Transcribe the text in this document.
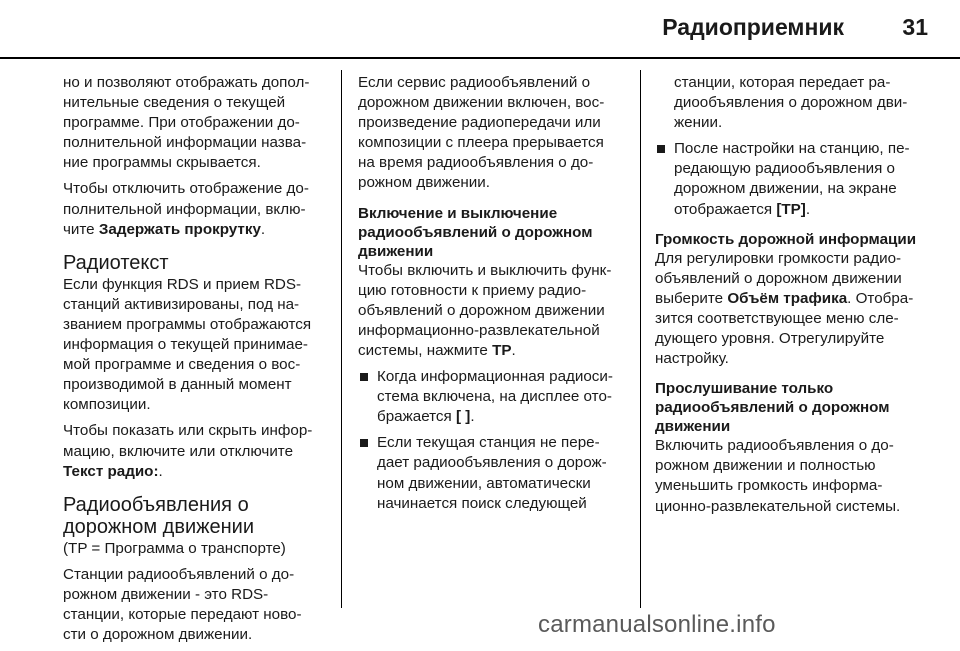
Радиоприемник	31

но и позволяют отображать допол-
нительные сведения о текущей
программе. При отображении до-
полнительной информации назва-
ние программы скрывается.

Чтобы отключить отображение до-
полнительной информации, вклю-
чите Задержать прокрутку.

Радиотекст

Если функция RDS и прием RDS-
станций активизированы, под на-
званием программы отображаются
информация о текущей принимае-
мой программе и сведения о вос-
производимой в данный момент
композиции.

Чтобы показать или скрыть инфор-
мацию, включите или отключите
Текст радио:.

Радиообъявления о
дорожном движении

(TP = Программа о транспорте)

Станции радиообъявлений о до-
рожном движении - это RDS-
станции, которые передают ново-
сти о дорожном движении.

Если сервис радиообъявлений о
дорожном движении включен, вос-
произведение радиопередачи или
композиции с плеера прерывается
на время радиообъявления о до-
рожном движении.

Включение и выключение
радиообъявлений о дорожном
движении

Чтобы включить и выключить функ-
цию готовности к приему радио-
объявлений о дорожном движении
информационно-развлекательной
системы, нажмите TP.

Когда информационная радиоси-
стема включена, на дисплее ото-
бражается [ ].
Если текущая станция не пере-
дает радиообъявления о дорож-
ном движении, автоматически
начинается поиск следующей

станции, которая передает ра-
диообъявления о дорожном дви-
жении.

После настройки на станцию, пе-
редающую радиообъявления о
дорожном движении, на экране
отображается [TP].
Громкость дорожной информации

Для регулировки громкости радио-
объявлений о дорожном движении
выберите Объём трафика. Отобра-
зится соответствующее меню сле-
дующего уровня. Отрегулируйте
настройку.

Прослушивание только
радиообъявлений о дорожном
движении

Включить радиообъявления о до-
рожном движении и полностью
уменьшить громкость информа-
ционно-развлекательной системы.

carmanualsonline.info
